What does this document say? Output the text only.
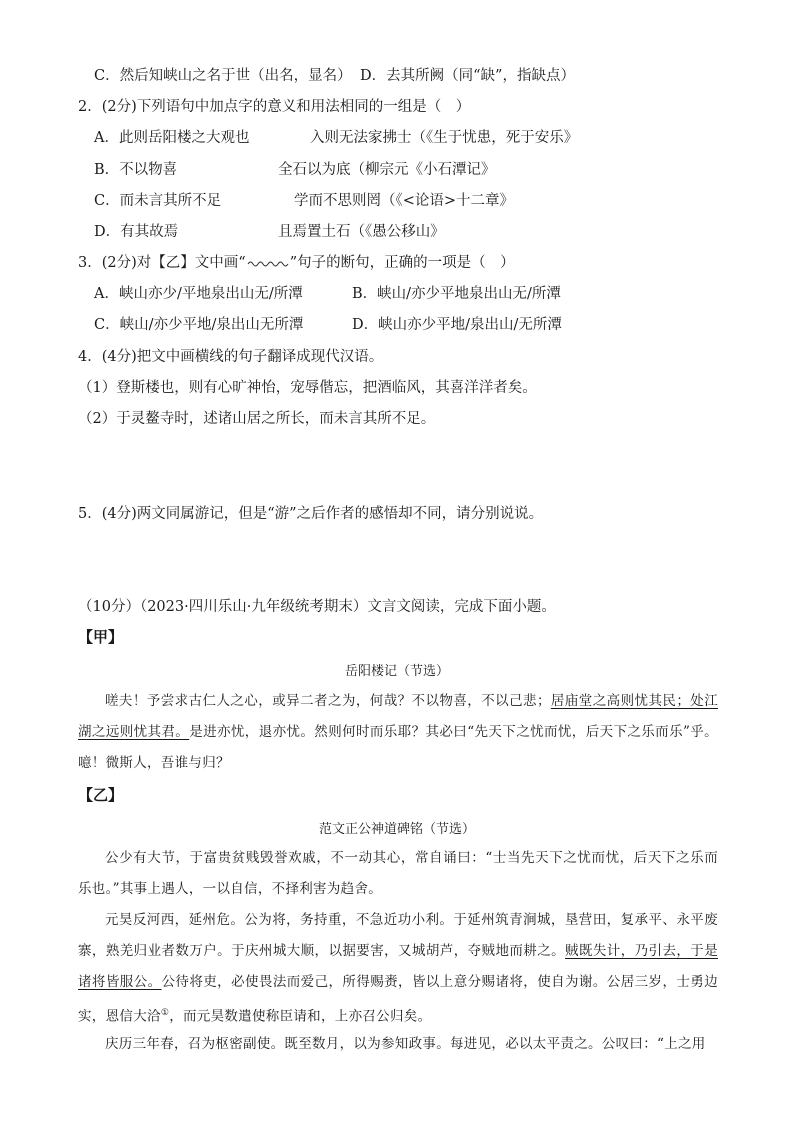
C．然后知峡山之名于世（出名，显名） D．去其所阙（同“缺”，指缺点）
2．(2分)下列语句中加点字的意义和用法相同的一组是（　）
A．此则岳阳楼之大观也	入则无法家拂士（《生于忧患，死于安乐》
B．不以物喜	全石以为底（柳宗元《小石潭记》
C．而未言其所不足	学而不思则罔（《<论语>十二章》
D．有其故焉	且焉置土石（《愚公移山》
3．(2分)对【乙】文中画“	”句子的断句，正确的一项是（　）
A．峡山亦少/平地泉出山无/所潭	B．峡山/亦少平地泉出山无/所潭
C．峡山/亦少平地/泉出山无所潭	D．峡山亦少平地/泉出山/无所潭
4．(4分)把文中画横线的句子翻译成现代汉语。
（1）登斯楼也，则有心旷神怡，宠辱偕忘，把酒临风，其喜洋洋者矣。
（2）于灵鳌寺时，述诸山居之所长，而未言其所不足。
5．(4分)两文同属游记，但是“游”之后作者的感悟却不同，请分别说说。
（10分）（2023·四川乐山·九年级统考期末）文言文阅读，完成下面小题。
【甲】
岳阳楼记（节选）
嗟夫！予尝求古仁人之心，或异二者之为，何哉？不以物喜，不以己悲；居庙堂之高则忧其民；处江湖之远则忧其君。是进亦忧，退亦忧。然则何时而乐耶？其必曰“先天下之忧而忧，后天下之乐而乐”乎。噫！微斯人，吾谁与归？
【乙】
范文正公神道碑铭（节选）
公少有大节，于富贵贫贱毁誉欢戚，不一动其心，常自诵曰：“士当先天下之忧而忧，后天下之乐而乐也。”其事上遇人，一以自信，不择利害为趋舍。
元昊反河西，延州危。公为将，务持重，不急近功小利。于延州筑青涧城，垦营田，复承平、永平废寨，熟羌归业者数万户。于庆州城大顺，以据要害，又城胡芦，夺贼地而耕之。贼既失计，乃引去，于是诸将皆服公。公待将吏，必使畏法而爱己，所得赐赉，皆以上意分赐诸将，使自为谢。公居三岁，士勇边实，恩信大洽①，而元昊数遣使称臣请和，上亦召公归矣。
庆历三年春，召为枢密副使。既至数月，以为参知政事。每进见，必以太平责之。公叹曰：“上之用
